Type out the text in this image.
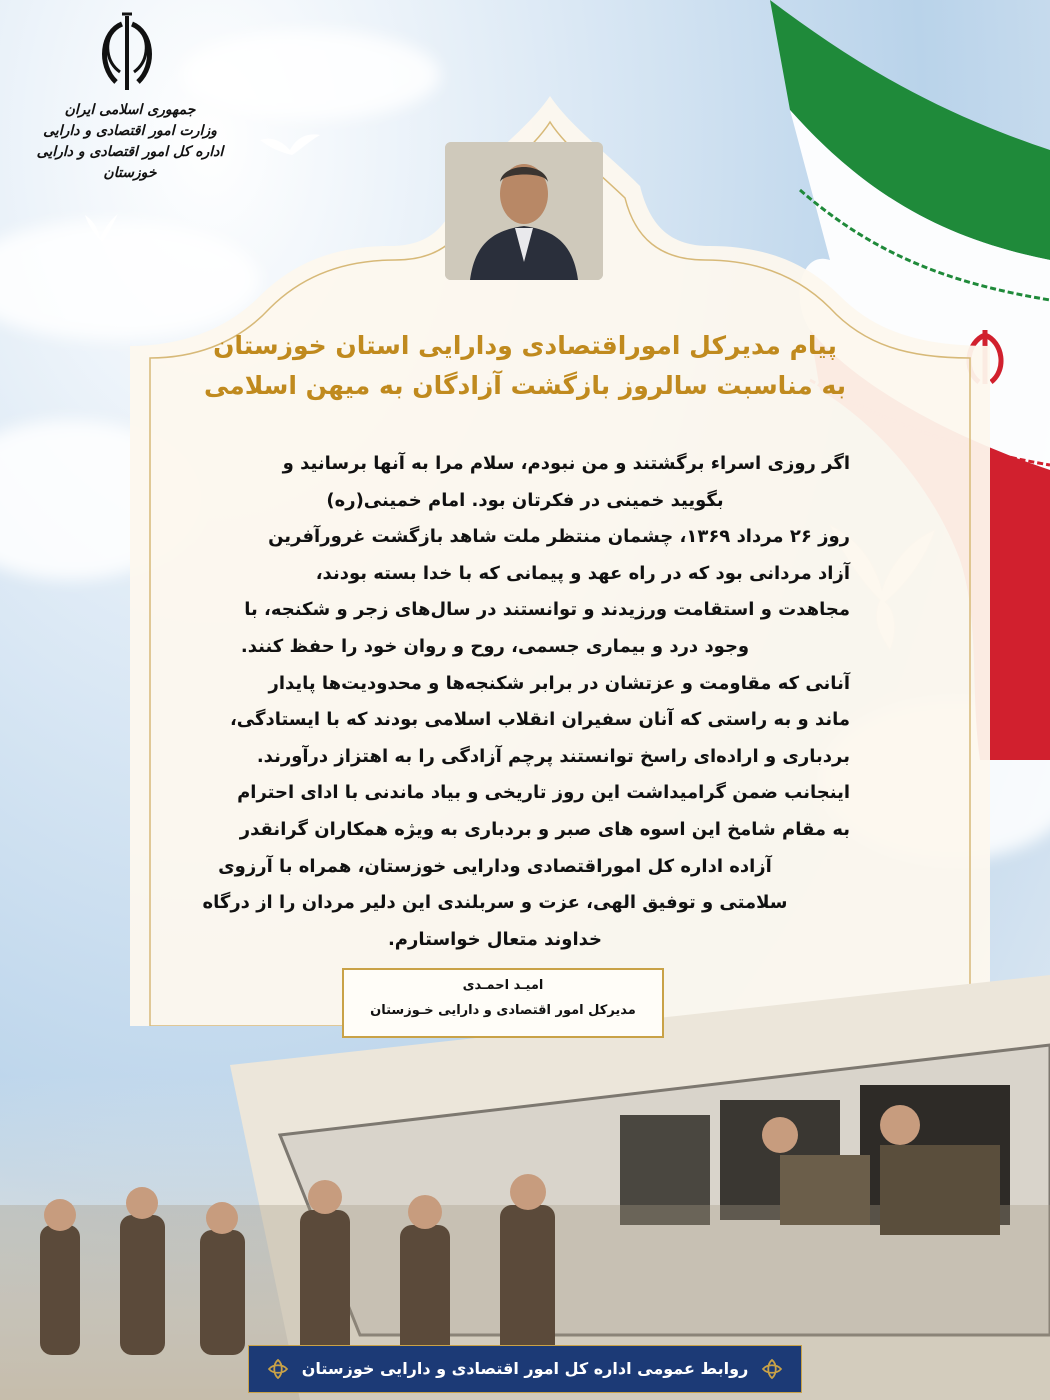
جمهوری اسلامی ایران
وزارت امور اقتصادی و دارایی
اداره کل امور اقتصادی و دارایی خوزستان
پیام مدیرکل اموراقتصادی ودارایی استان خوزستان
به مناسبت سالروز بازگشت آزادگان به میهن اسلامی
اگر روزی اسراء برگشتند و من نبودم، سلام مرا به آنها برسانید و
بگویید خمینی در فکرتان بود. امام خمینی(ره)
روز ۲۶ مرداد ۱۳۶۹، چشمان منتظر ملت شاهد بازگشت غرورآفرین
آزاد مردانی بود که در راه عهد و پیمانی که با خدا بسته بودند،
مجاهدت و استقامت ورزیدند و توانستند در سال‌های زجر و شکنجه، با
وجود درد و بیماری جسمی، روح و روان خود را حفظ کنند.
آنانی که مقاومت و عزتشان در برابر شکنجه‌ها و محدودیت‌ها پایدار
ماند و به راستی که آنان سفیران انقلاب اسلامی بودند که با ایستادگی،
بردباری و اراده‌ای راسخ توانستند پرچم آزادگی را به اهتزاز درآورند.
اینجانب ضمن گرامیداشت این روز تاریخی و بیاد ماندنی با ادای احترام
به مقام شامخ این اسوه های صبر و بردباری به ویژه همکاران گرانقدر
آزاده اداره کل اموراقتصادی ودارایی خوزستان، همراه با آرزوی
سلامتی و توفیق الهی، عزت و سربلندی این دلیر مردان را از درگاه
خداوند متعال خواستارم.
امیـد احمـدی
مدیرکل امور اقتصادی و دارایی خـوزستان
روابط عمومی اداره کل امور اقتصادی و دارایی خوزستان
